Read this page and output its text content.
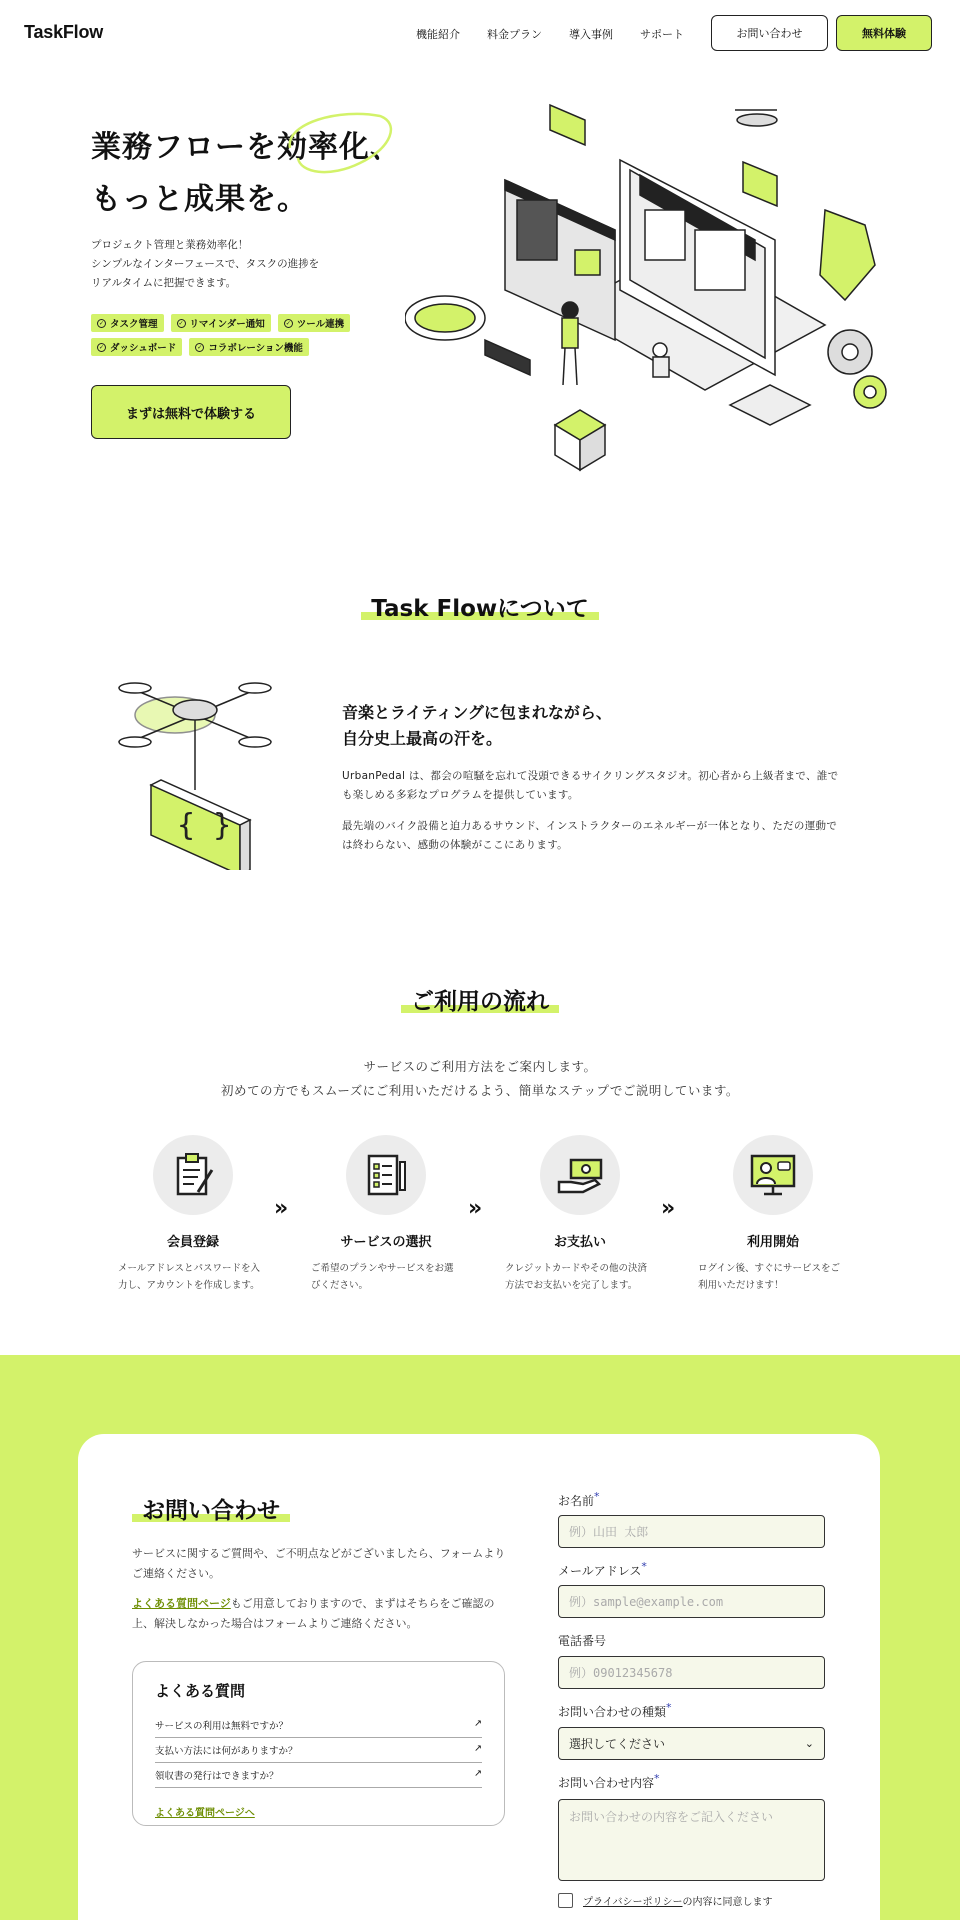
TaskFlow	機能紹介 料金プラン 導入事例 サポート	お問い合わせ	無料体験
業務フローを効率化、
もっと成果を。
プロジェクト管理と業務効率化！
シンプルなインターフェースで、タスクの進捗を
リアルタイムに把握できます。
✓ タスク管理	✓ リマインダー通知	✓ ツール連携
✓ ダッシュボード	✓ コラボレーション機能
まずは無料で体験する
Task Flowについて
{ }
音楽とライティングに包まれながら、
自分史上最高の汗を。

UrbanPedal は、都会の喧騒を忘れて没頭できるサイクリングスタジオ。初心者から上級者まで、誰でも楽しめる多彩なプログラムを提供しています。

最先端のバイク設備と迫力あるサウンド、インストラクターのエネルギーが一体となり、ただの運動では終わらない、感動の体験がここにあります。

ご利用の流れ
サービスのご利用方法をご案内します。
初めての方でもスムーズにご利用いただけるよう、簡単なステップでご説明しています。
会員登録
メールアドレスとパスワードを入力し、アカウントを作成します。
»
サービスの選択
ご希望のプランやサービスをお選びください。
»
お支払い
クレジットカードやその他の決済方法でお支払いを完了します。
»
利用開始
ログイン後、すぐにサービスをご利用いただけます！
お問い合わせ

サービスに関するご質問や、ご不明点などがございましたら、フォームよりご連絡ください。

よくある質問ページもご用意しておりますので、まずはそちらをご確認の上、解決しなかった場合はフォームよりご連絡ください。

よくある質問
サービスの利用は無料ですか？	↗
支払い方法には何がありますか？	↗
領収書の発行はできますか？	↗
よくある質問ページへ
お名前*
例）山田 太郎
メールアドレス*
例）sample@example.com
電話番号
例）09012345678
お問い合わせの種類*
選択してください	⌄
お問い合わせ内容*
お問い合わせの内容をご記入ください
プライバシーポリシーの内容に同意します
